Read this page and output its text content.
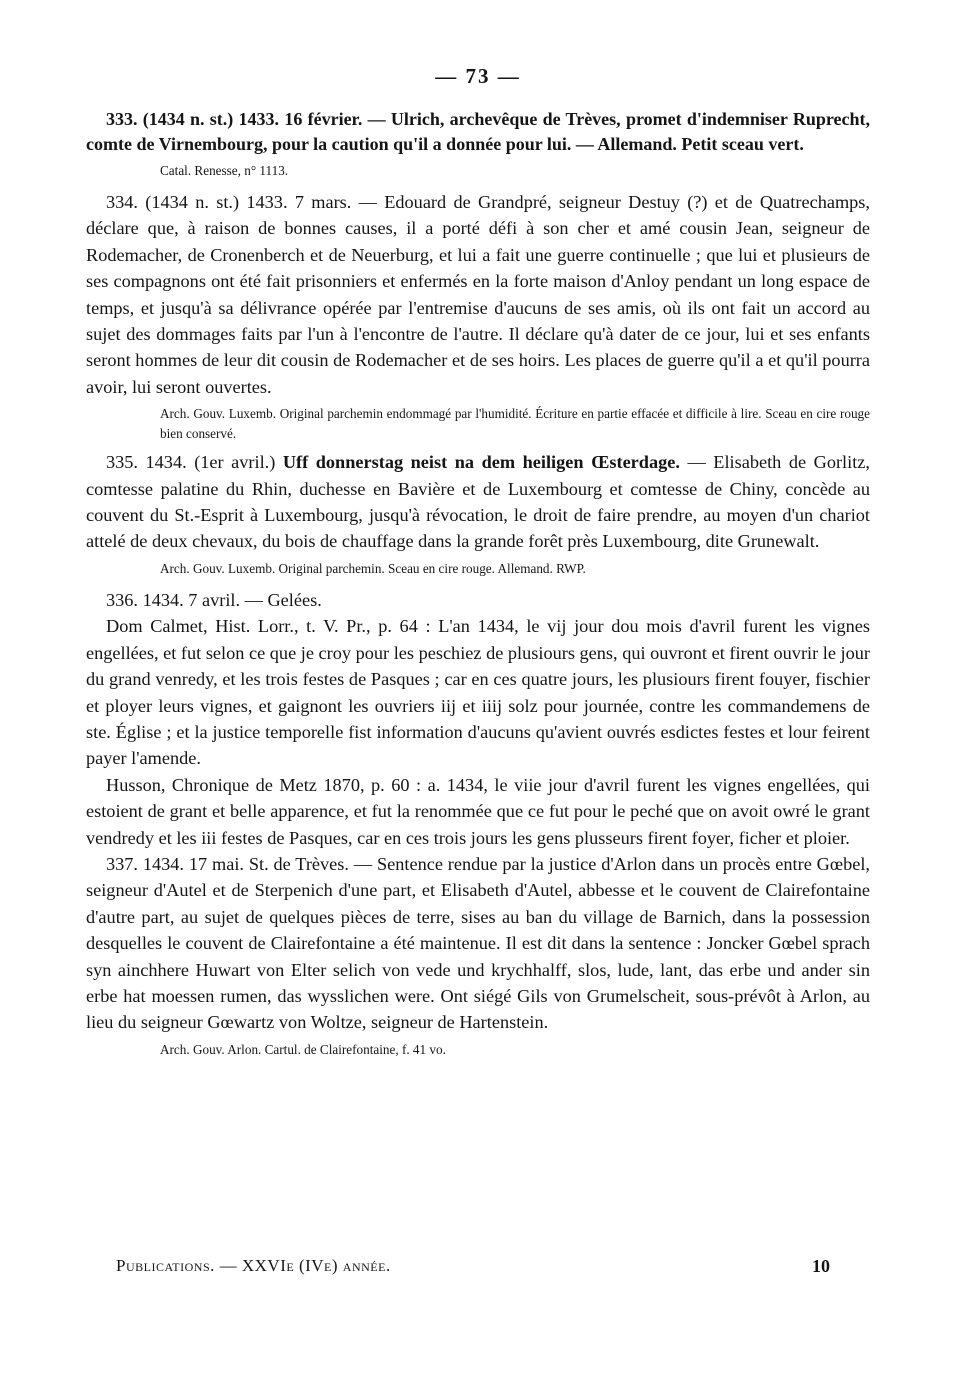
— 73 —

333. (1434 n. st.) 1433. 16 février. — Ulrich, archevêque de Trèves, promet d'indemniser Ruprecht, comte de Virnembourg, pour la caution qu'il a donnée pour lui. — Allemand. Petit sceau vert.

Catal. Renesse, n° 1113.

334. (1434 n. st.) 1433. 7 mars. — Edouard de Grandpré, seigneur Destuy (?) et de Quatrechamps, déclare que, à raison de bonnes causes, il a porté défi à son cher et amé cousin Jean, seigneur de Rodemacher, de Cronenberch et de Neuerburg, et lui a fait une guerre continuelle ; que lui et plusieurs de ses compagnons ont été fait prisonniers et enfermés en la forte maison d'Anloy pendant un long espace de temps, et jusqu'à sa délivrance opérée par l'entremise d'aucuns de ses amis, où ils ont fait un accord au sujet des dommages faits par l'un à l'encontre de l'autre. Il déclare qu'à dater de ce jour, lui et ses enfants seront hommes de leur dit cousin de Rodemacher et de ses hoirs. Les places de guerre qu'il a et qu'il pourra avoir, lui seront ouvertes.

Arch. Gouv. Luxemb. Original parchemin endommagé par l'humidité. Écriture en partie effacée et difficile à lire. Sceau en cire rouge bien conservé.

335. 1434. (1er avril.) Uff donnerstag neist na dem heiligen Œsterdage. — Elisabeth de Gorlitz, comtesse palatine du Rhin, duchesse en Bavière et de Luxembourg et comtesse de Chiny, concède au couvent du St.-Esprit à Luxembourg, jusqu'à révocation, le droit de faire prendre, au moyen d'un chariot attelé de deux chevaux, du bois de chauffage dans la grande forêt près Luxembourg, dite Grunewalt.

Arch. Gouv. Luxemb. Original parchemin. Sceau en cire rouge. Allemand. RWP.

336. 1434. 7 avril. — Gelées.

Dom Calmet, Hist. Lorr., t. V. Pr., p. 64 : L'an 1434, le vij jour dou mois d'avril furent les vignes engellées, et fut selon ce que je croy pour les peschiez de plusiours gens, qui ouvront et firent ouvrir le jour du grand venredy, et les trois festes de Pasques ; car en ces quatre jours, les plusiours firent fouyer, fischier et ployer leurs vignes, et gaignont les ouvriers iij et iiij solz pour journée, contre les commandemens de ste. Église ; et la justice temporelle fist information d'aucuns qu'avient ouvrés esdictes festes et lour feirent payer l'amende.

Husson, Chronique de Metz 1870, p. 60 : a. 1434, le viie jour d'avril furent les vignes engellées, qui estoient de grant et belle apparence, et fut la renommée que ce fut pour le peché que on avoit owré le grant vendredy et les iii festes de Pasques, car en ces trois jours les gens plusseurs firent foyer, ficher et ploier.

337. 1434. 17 mai. St. de Trèves. — Sentence rendue par la justice d'Arlon dans un procès entre Gœbel, seigneur d'Autel et de Sterpenich d'une part, et Elisabeth d'Autel, abbesse et le couvent de Clairefontaine d'autre part, au sujet de quelques pièces de terre, sises au ban du village de Barnich, dans la possession desquelles le couvent de Clairefontaine a été maintenue. Il est dit dans la sentence : Joncker Gœbel sprach syn ainchhere Huwart von Elter selich von vede und krychhalff, slos, lude, lant, das erbe und ander sin erbe hat moessen rumen, das wysslichen were. Ont siégé Gils von Grumelscheit, sous-prévôt à Arlon, au lieu du seigneur Gœwartz von Woltze, seigneur de Hartenstein.

Arch. Gouv. Arlon. Cartul. de Clairefontaine, f. 41 vo.

Publications. — XXVIe (IVe) année.	10
